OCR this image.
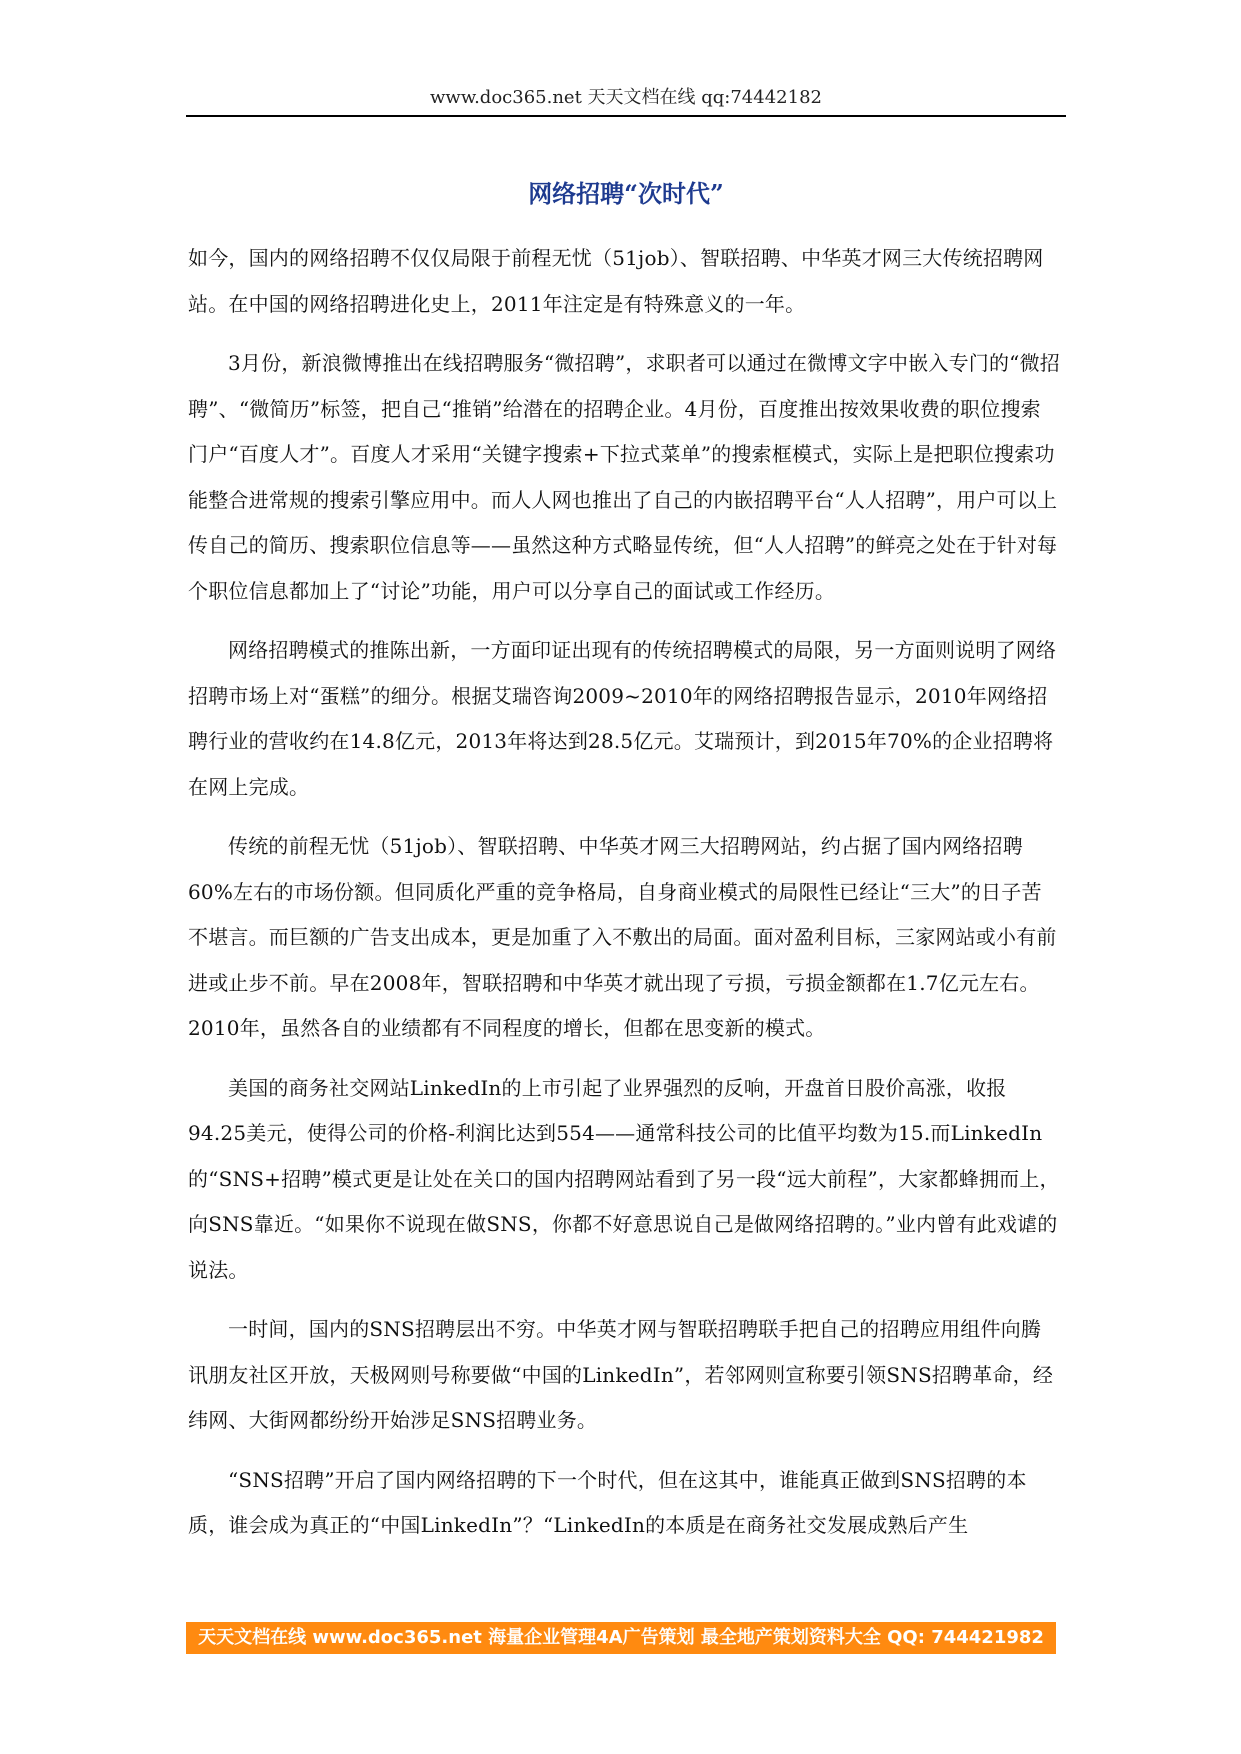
www.doc365.net 天天文档在线 qq:74442182
网络招聘“次时代”

如今，国内的网络招聘不仅仅局限于前程无忧（51job）、智联招聘、中华英才网三大传统招聘网站。在中国的网络招聘进化史上，2011年注定是有特殊意义的一年。

3月份，新浪微博推出在线招聘服务“微招聘”，求职者可以通过在微博文字中嵌入专门的“微招聘”、“微简历”标签，把自己“推销”给潜在的招聘企业。4月份，百度推出按效果收费的职位搜索门户“百度人才”。百度人才采用“关键字搜索+下拉式菜单”的搜索框模式，实际上是把职位搜索功能整合进常规的搜索引擎应用中。而人人网也推出了自己的内嵌招聘平台“人人招聘”，用户可以上传自己的简历、搜索职位信息等——虽然这种方式略显传统，但“人人招聘”的鲜亮之处在于针对每个职位信息都加上了“讨论”功能，用户可以分享自己的面试或工作经历。

网络招聘模式的推陈出新，一方面印证出现有的传统招聘模式的局限，另一方面则说明了网络招聘市场上对“蛋糕”的细分。根据艾瑞咨询2009~2010年的网络招聘报告显示，2010年网络招聘行业的营收约在14.8亿元，2013年将达到28.5亿元。艾瑞预计，到2015年70%的企业招聘将在网上完成。

传统的前程无忧（51job）、智联招聘、中华英才网三大招聘网站，约占据了国内网络招聘60%左右的市场份额。但同质化严重的竞争格局，自身商业模式的局限性已经让“三大”的日子苦不堪言。而巨额的广告支出成本，更是加重了入不敷出的局面。面对盈利目标，三家网站或小有前进或止步不前。早在2008年，智联招聘和中华英才就出现了亏损，亏损金额都在1.7亿元左右。2010年，虽然各自的业绩都有不同程度的增长，但都在思变新的模式。

美国的商务社交网站LinkedIn的上市引起了业界强烈的反响，开盘首日股价高涨，收报94.25美元，使得公司的价格-利润比达到554——通常科技公司的比值平均数为15.而LinkedIn的“SNS+招聘”模式更是让处在关口的国内招聘网站看到了另一段“远大前程”，大家都蜂拥而上，向SNS靠近。“如果你不说现在做SNS，你都不好意思说自己是做网络招聘的。”业内曾有此戏谑的说法。

一时间，国内的SNS招聘层出不穷。中华英才网与智联招聘联手把自己的招聘应用组件向腾讯朋友社区开放，天极网则号称要做“中国的LinkedIn”，若邻网则宣称要引领SNS招聘革命，经纬网、大街网都纷纷开始涉足SNS招聘业务。

“SNS招聘”开启了国内网络招聘的下一个时代，但在这其中，谁能真正做到SNS招聘的本质，谁会成为真正的“中国LinkedIn”？“LinkedIn的本质是在商务社交发展成熟后产生

天天文档在线 www.doc365.net 海量企业管理4A广告策划 最全地产策划资料大全 QQ: 744421982
